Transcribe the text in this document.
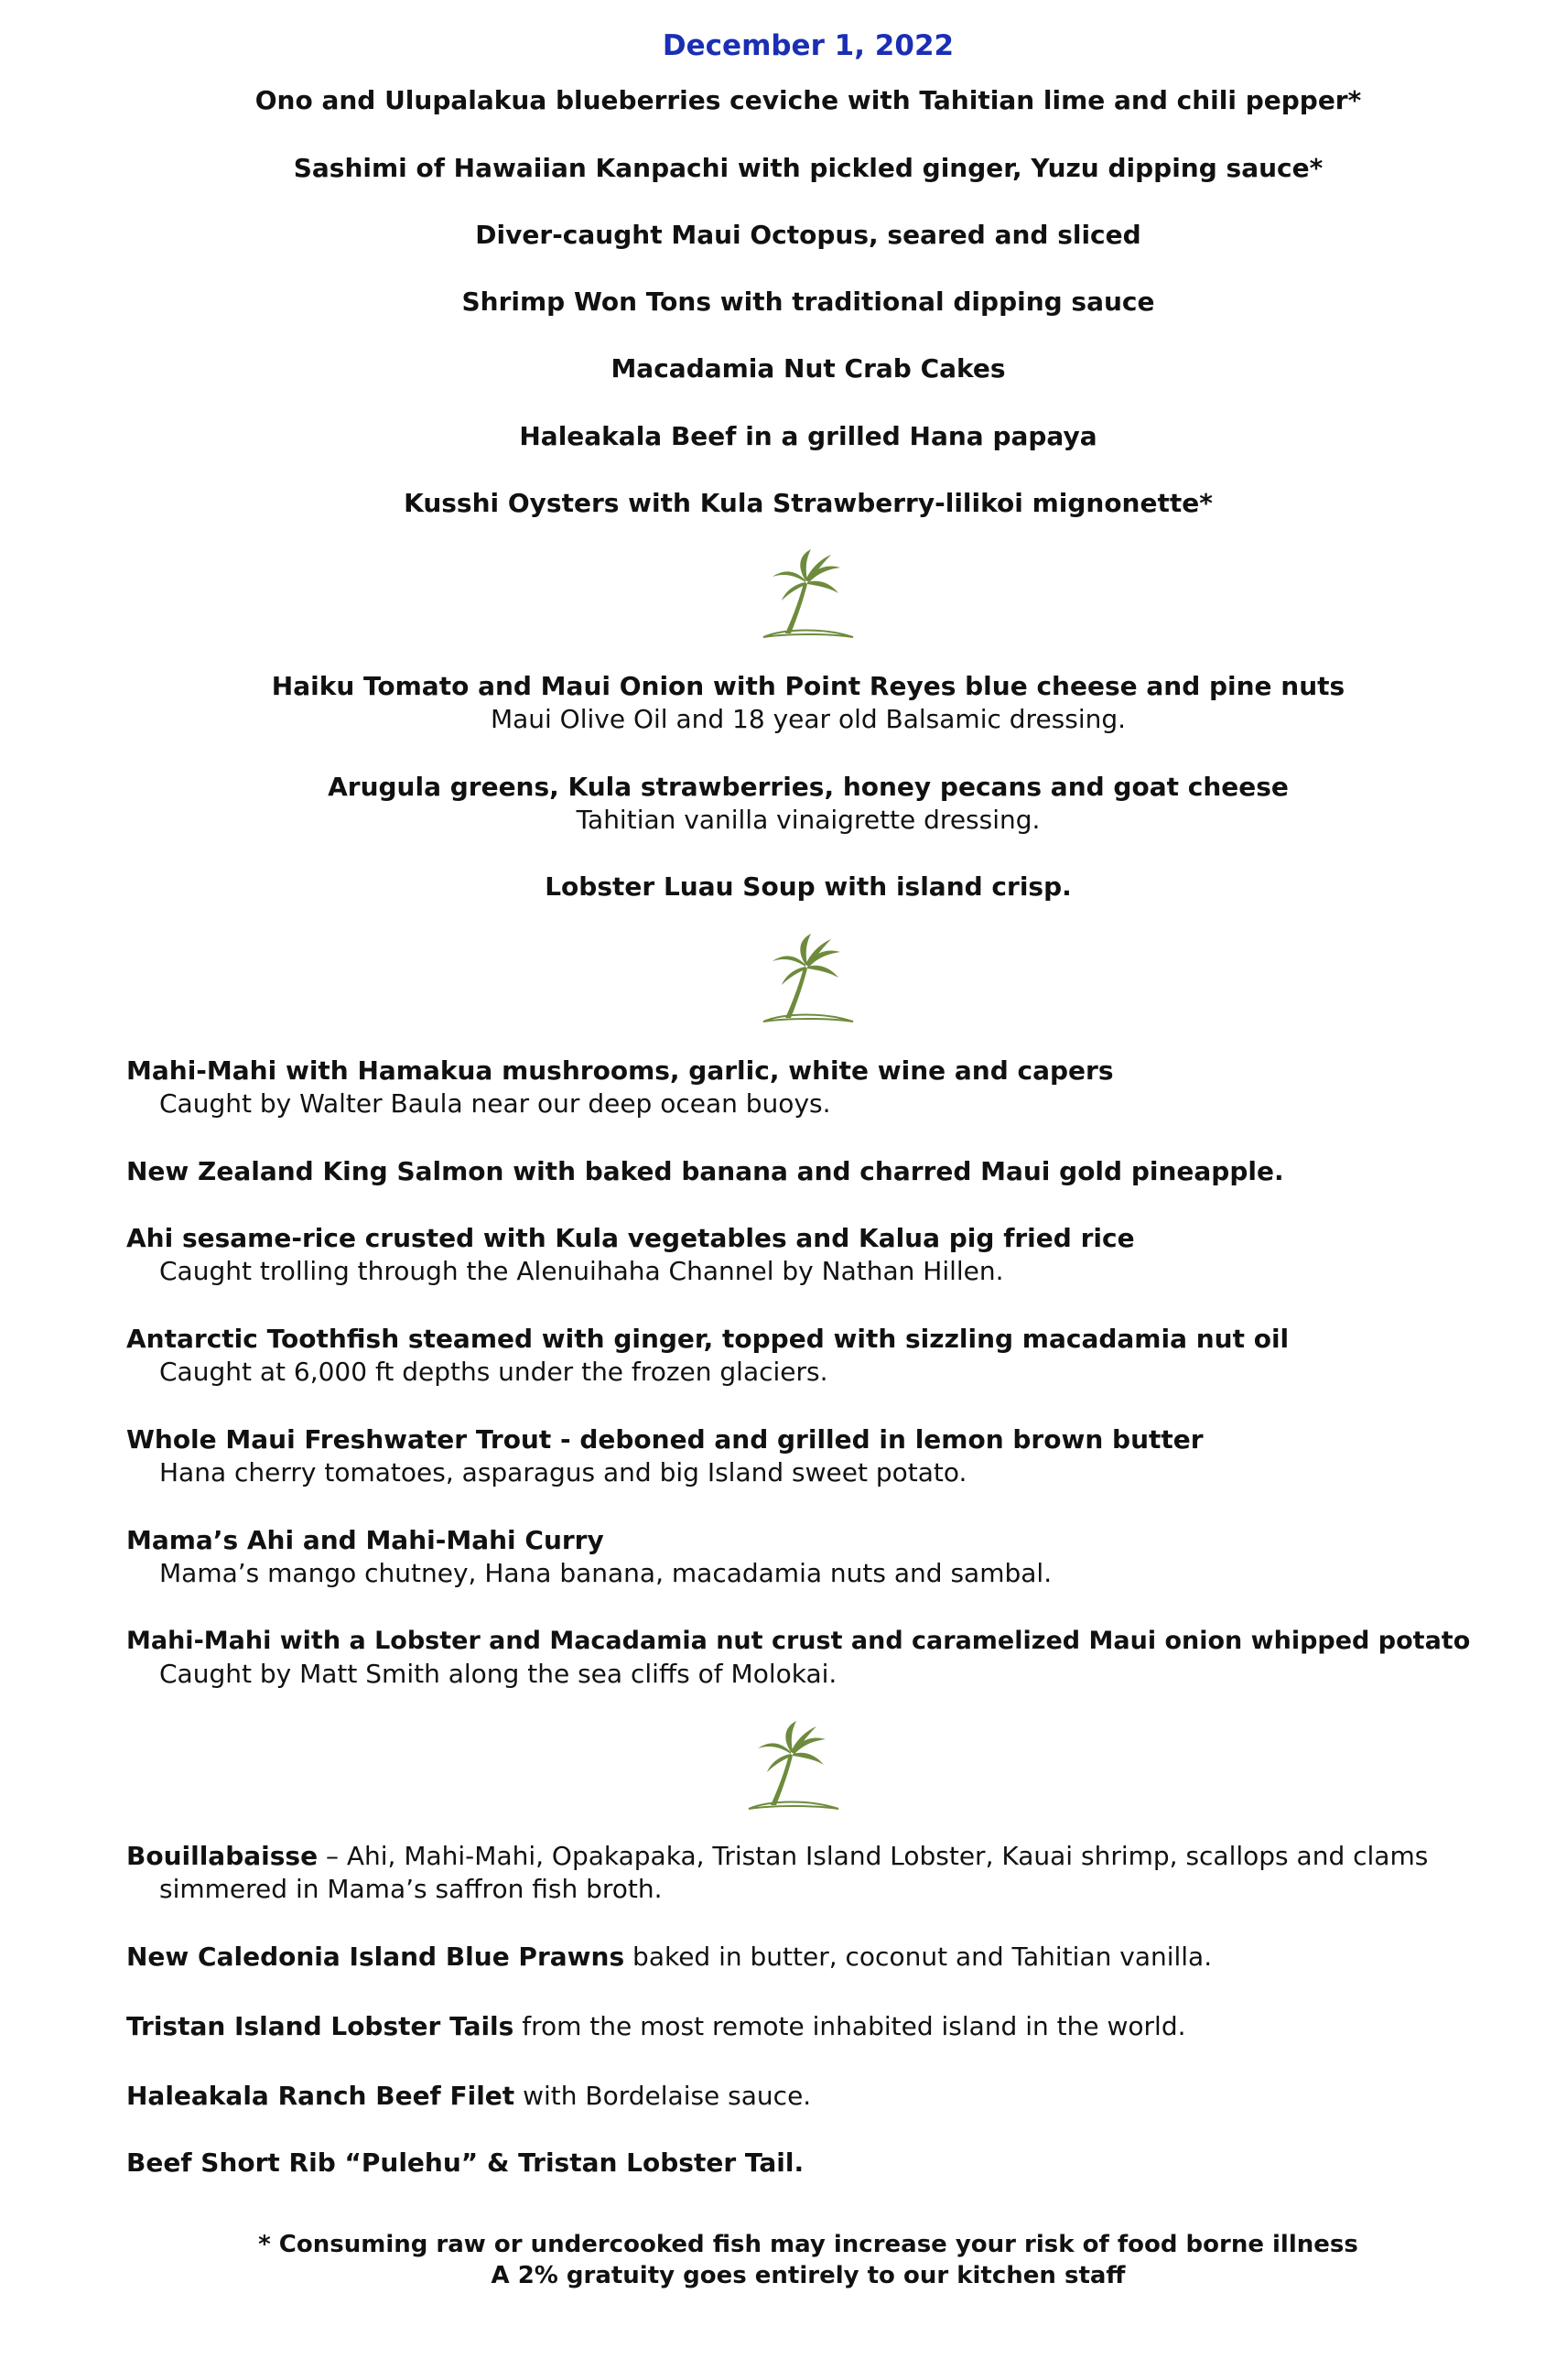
December 1, 2022
Ono and Ulupalakua blueberries ceviche with Tahitian lime and chili pepper*
Sashimi of Hawaiian Kanpachi with pickled ginger, Yuzu dipping sauce*
Diver-caught Maui Octopus, seared and sliced
Shrimp Won Tons with traditional dipping sauce
Macadamia Nut Crab Cakes
Haleakala Beef in a grilled Hana papaya
Kusshi Oysters with Kula Strawberry-lilikoi mignonette*
Haiku Tomato and Maui Onion with Point Reyes blue cheese and pine nuts
Maui Olive Oil and 18 year old Balsamic dressing.
Arugula greens, Kula strawberries, honey pecans and goat cheese
Tahitian vanilla vinaigrette dressing.
Lobster Luau Soup with island crisp.
Mahi-Mahi with Hamakua mushrooms, garlic, white wine and capers
Caught by Walter Baula near our deep ocean buoys.
New Zealand King Salmon with baked banana and charred Maui gold pineapple.
Ahi sesame-rice crusted with Kula vegetables and Kalua pig fried rice
Caught trolling through the Alenuihaha Channel by Nathan Hillen.
Antarctic Toothfish steamed with ginger, topped with sizzling macadamia nut oil
Caught at 6,000 ft depths under the frozen glaciers.
Whole Maui Freshwater Trout - deboned and grilled in lemon brown butter
Hana cherry tomatoes, asparagus and big Island sweet potato.
Mama’s Ahi and Mahi-Mahi Curry
Mama’s mango chutney, Hana banana, macadamia nuts and sambal.
Mahi-Mahi with a Lobster and Macadamia nut crust and caramelized Maui onion whipped potato
Caught by Matt Smith along the sea cliffs of Molokai.
Bouillabaisse – Ahi, Mahi-Mahi, Opakapaka, Tristan Island Lobster, Kauai shrimp, scallops and clams
simmered in Mama’s saffron fish broth.
New Caledonia Island Blue Prawns baked in butter, coconut and Tahitian vanilla.
Tristan Island Lobster Tails from the most remote inhabited island in the world.
Haleakala Ranch Beef Filet with Bordelaise sauce.
Beef Short Rib “Pulehu” & Tristan Lobster Tail.
* Consuming raw or undercooked fish may increase your risk of food borne illness
A 2% gratuity goes entirely to our kitchen staff
